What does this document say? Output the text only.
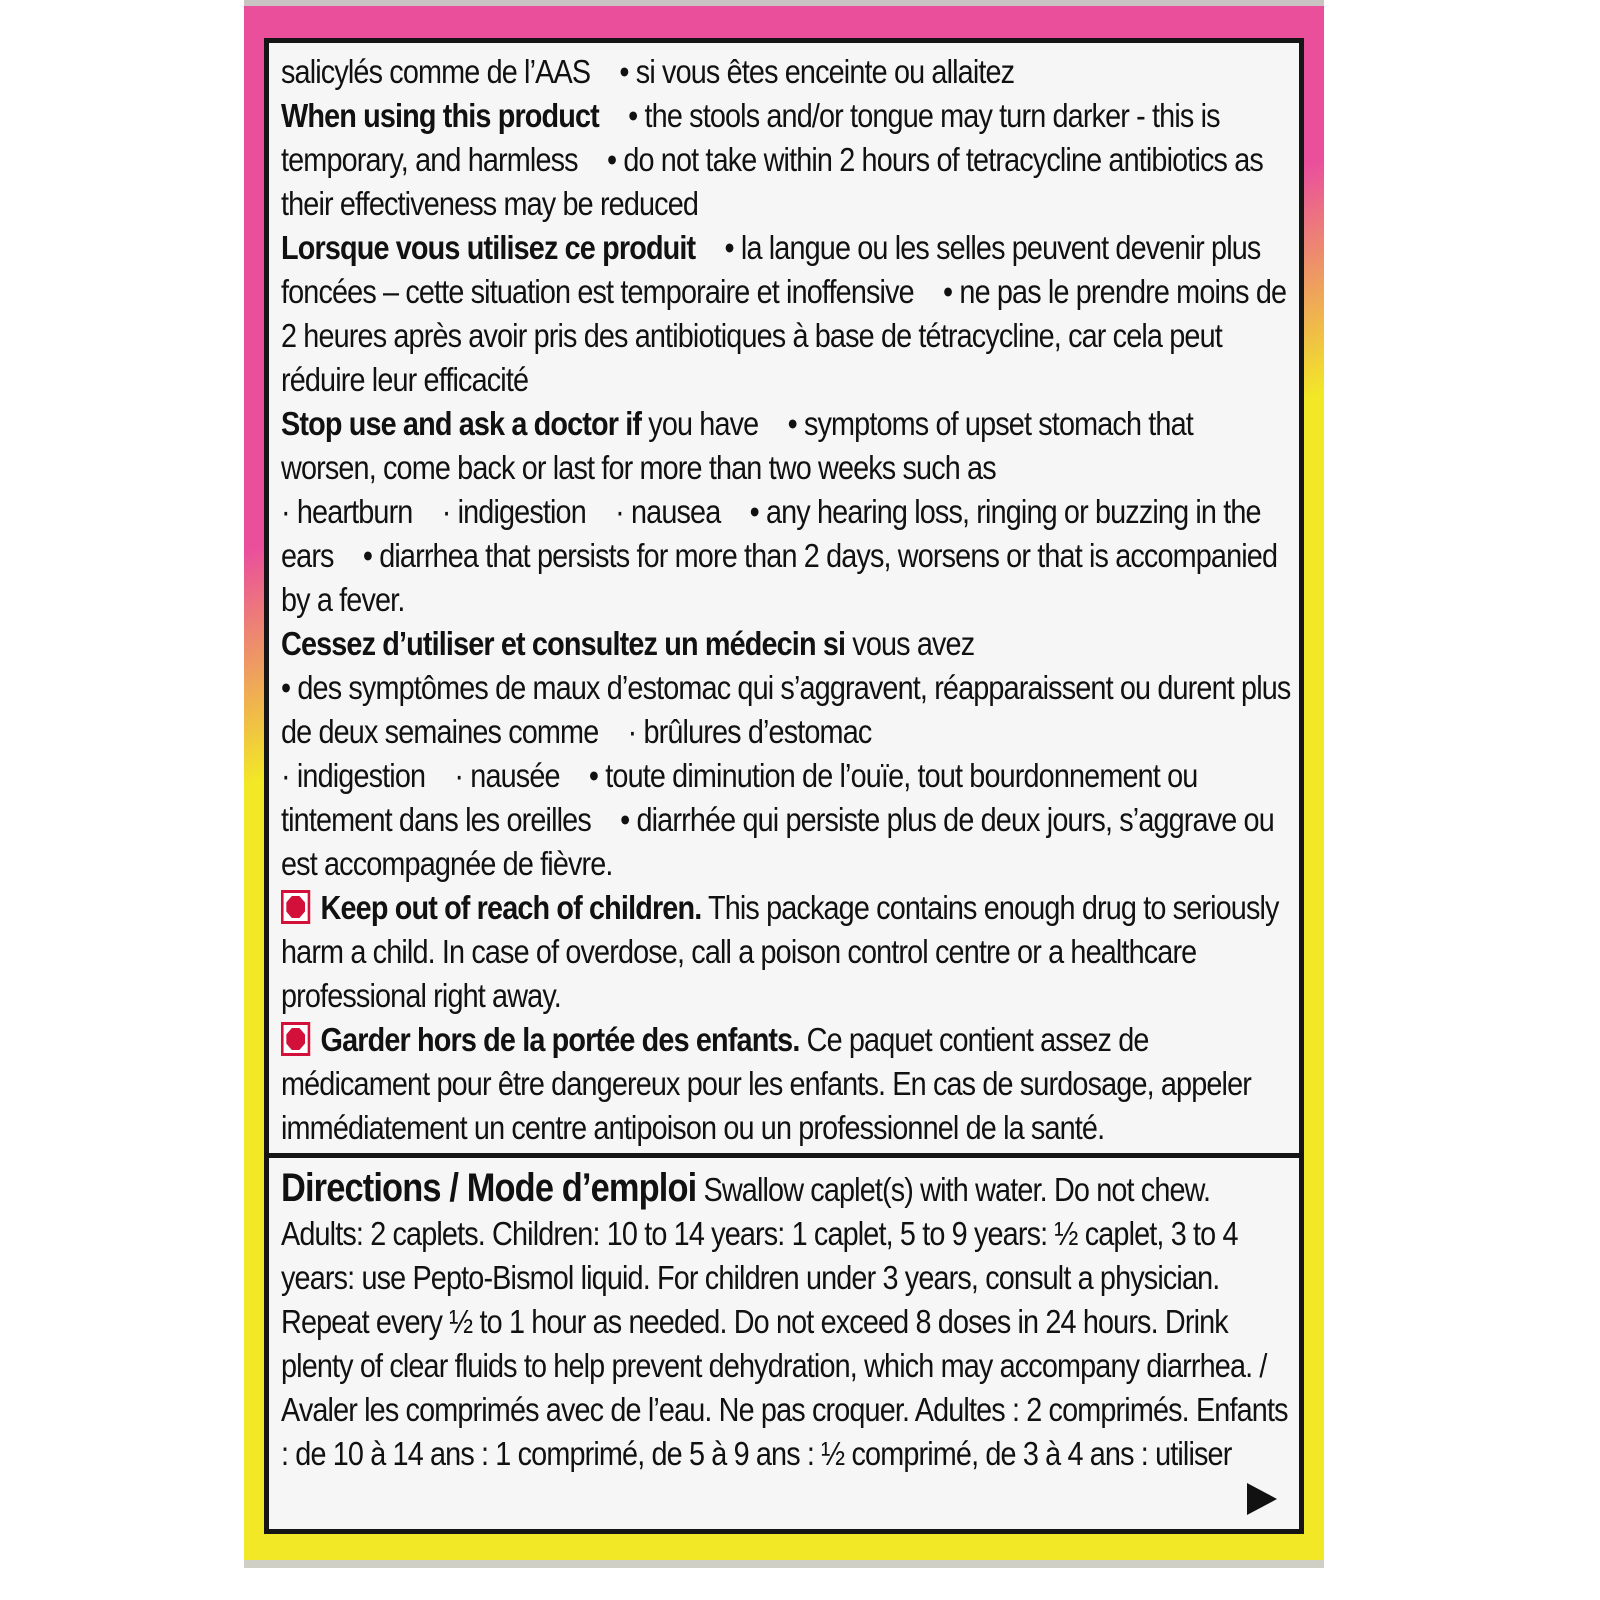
salicylés comme de l’AAS • si vous êtes enceinte ou allaitez

When using this product • the stools and/or tongue may turn darker - this is temporary, and harmless • do not take within 2 hours of tetracycline antibiotics as their effectiveness may be reduced

Lorsque vous utilisez ce produit • la langue ou les selles peuvent devenir plus foncées – cette situation est temporaire et inoffensive • ne pas le prendre moins de 2 heures après avoir pris des antibiotiques à base de tétracycline, car cela peut réduire leur efficacité

Stop use and ask a doctor if you have • symptoms of upset stomach that worsen, come back or last for more than two weeks such as
· heartburn · indigestion · nausea • any hearing loss, ringing or buzzing in the ears • diarrhea that persists for more than 2 days, worsens or that is accompanied by a fever.

Cessez d’utiliser et consultez un médecin si vous avez
• des symptômes de maux d’estomac qui s’aggravent, réapparaissent ou durent plus de deux semaines comme · brûlures d’estomac
· indigestion · nausée • toute diminution de l’ouïe, tout bourdonnement ou tintement dans les oreilles • diarrhée qui persiste plus de deux jours, s’aggrave ou est accompagnée de fièvre.

Keep out of reach of children. This package contains enough drug to seriously harm a child. In case of overdose, call a poison control centre or a healthcare professional right away.

Garder hors de la portée des enfants. Ce paquet contient assez de médicament pour être dangereux pour les enfants. En cas de surdosage, appeler immédiatement un centre antipoison ou un professionnel de la santé.

Directions / Mode d’emploi Swallow caplet(s) with water. Do not chew. Adults: 2 caplets. Children: 10 to 14 years: 1 caplet, 5 to 9 years: ½ caplet, 3 to 4 years: use Pepto-Bismol liquid. For children under 3 years, consult a physician. Repeat every ½ to 1 hour as needed. Do not exceed 8 doses in 24 hours. Drink plenty of clear fluids to help prevent dehydration, which may accompany diarrhea. / Avaler les comprimés avec de l’eau. Ne pas croquer. Adultes : 2 comprimés. Enfants : de 10 à 14 ans : 1 comprimé, de 5 à 9 ans : ½ comprimé, de 3 à 4 ans : utiliser
